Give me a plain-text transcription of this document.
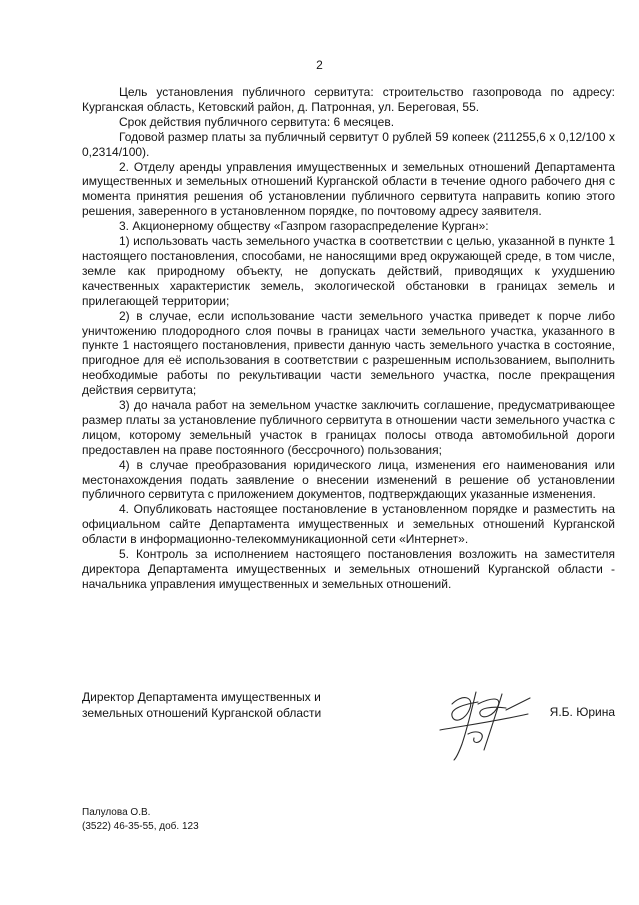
2

Цель установления публичного сервитута: строительство газопровода по адресу: Курганская область, Кетовский район, д. Патронная, ул. Береговая, 55.

Срок действия публичного сервитута: 6 месяцев.

Годовой размер платы за публичный сервитут 0 рублей 59 копеек (211255,6 х 0,12/100 х 0,2314/100).

2. Отделу аренды управления имущественных и земельных отношений Департамента имущественных и земельных отношений Курганской области в течение одного рабочего дня с момента принятия решения об установлении публичного сервитута направить копию этого решения, заверенного в установленном порядке, по почтовому адресу заявителя.

3. Акционерному обществу «Газпром газораспределение Курган»:

1) использовать часть земельного участка в соответствии с целью, указанной в пункте 1 настоящего постановления, способами, не наносящими вред окружающей среде, в том числе, земле как природному объекту, не допускать действий, приводящих к ухудшению качественных характеристик земель, экологической обстановки в границах земель и прилегающей территории;

2) в случае, если использование части земельного участка приведет к порче либо уничтожению плодородного слоя почвы в границах части земельного участка, указанного в пункте 1 настоящего постановления, привести данную часть земельного участка в состояние, пригодное для её использования в соответствии с разрешенным использованием, выполнить необходимые работы по рекультивации части земельного участка, после прекращения действия сервитута;

3) до начала работ на земельном участке заключить соглашение, предусматривающее размер платы за установление публичного сервитута в отношении части земельного участка с лицом, которому земельный участок в границах полосы отвода автомобильной дороги предоставлен на праве постоянного (бессрочного) пользования;

4) в случае преобразования юридического лица, изменения его наименования или местонахождения подать заявление о внесении изменений в решение об установлении публичного сервитута с приложением документов, подтверждающих указанные изменения.

4. Опубликовать настоящее постановление в установленном порядке и разместить на официальном сайте Департамента имущественных и земельных отношений Курганской области в информационно-телекоммуникационной сети «Интернет».

5. Контроль за исполнением настоящего постановления возложить на заместителя директора Департамента имущественных и земельных отношений Курганской области - начальника управления имущественных и земельных отношений.

Директор Департамента имущественных и
земельных отношений Курганской области	Я.Б. Юрина
Палулова О.В.
(3522) 46-35-55, доб. 123
